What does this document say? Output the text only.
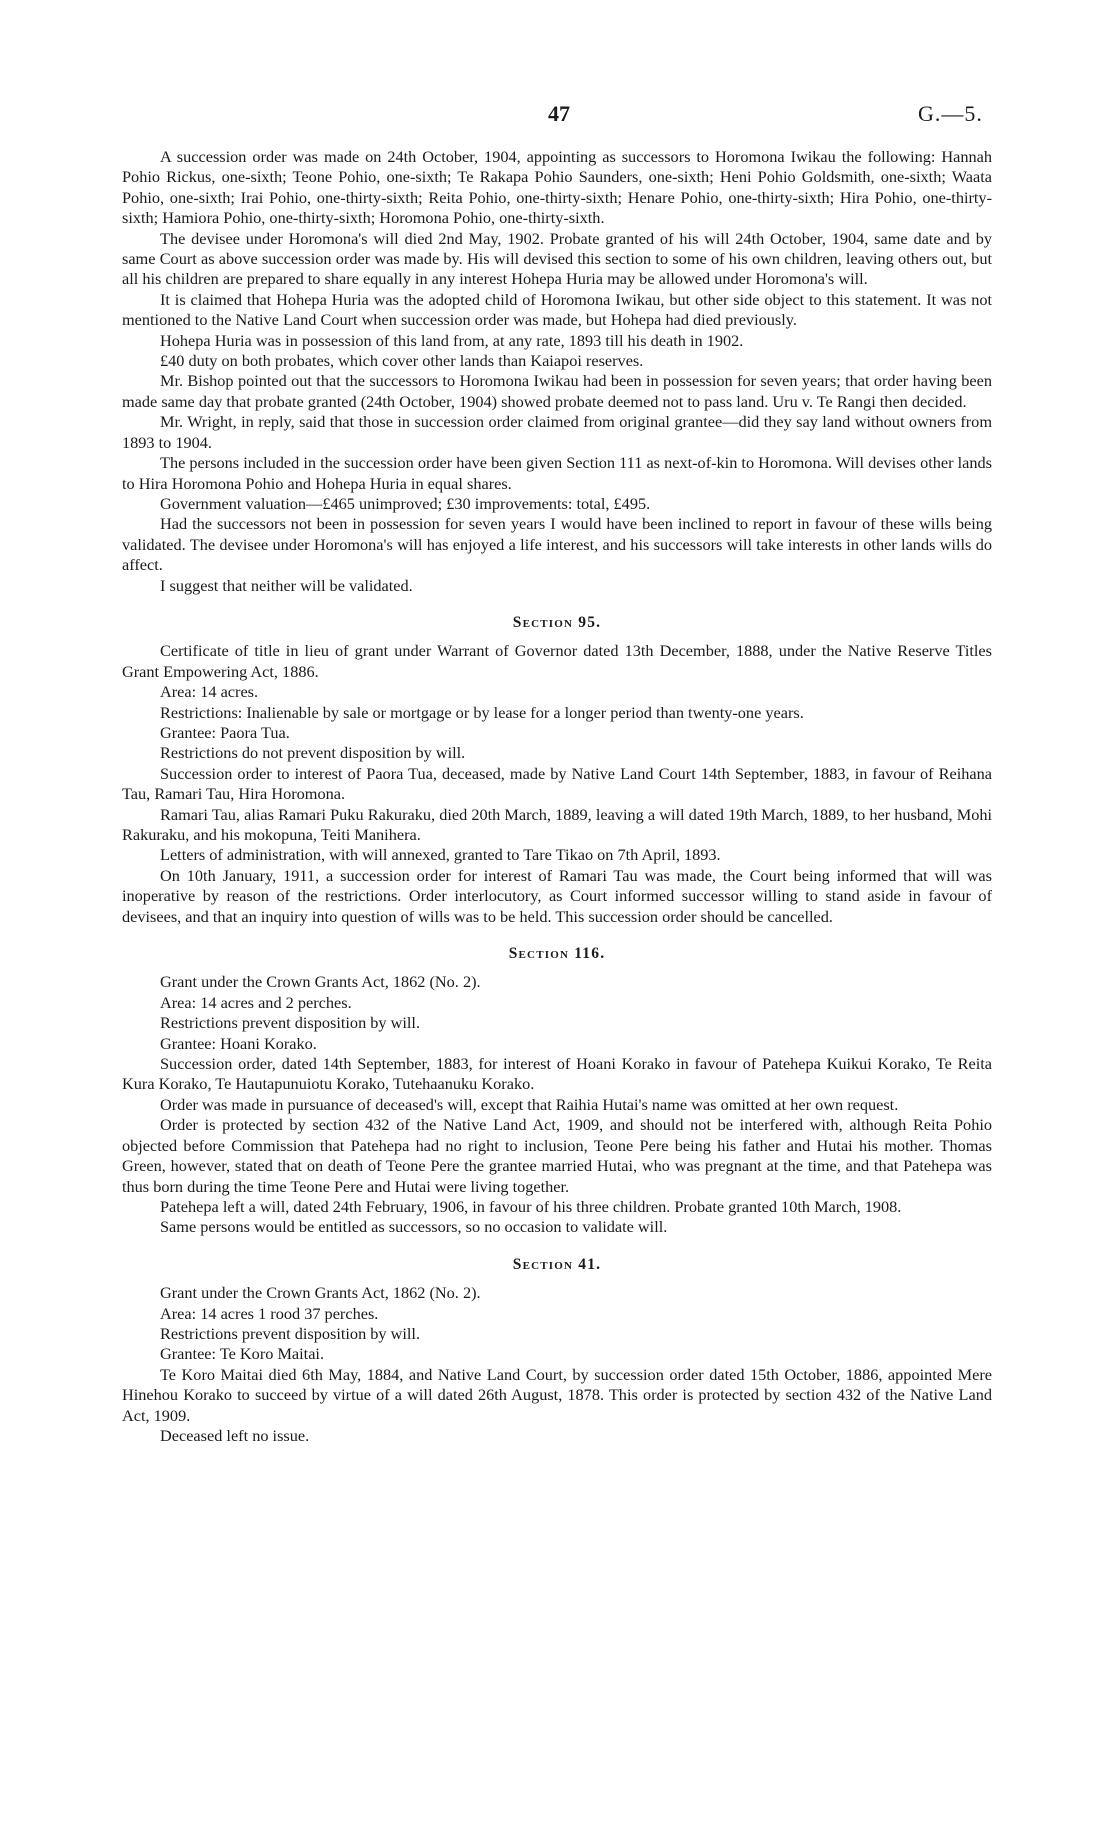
47	G.—5.

A succession order was made on 24th October, 1904, appointing as successors to Horomona Iwikau the following: Hannah Pohio Rickus, one-sixth; Teone Pohio, one-sixth; Te Rakapa Pohio Saunders, one-sixth; Heni Pohio Goldsmith, one-sixth; Waata Pohio, one-sixth; Irai Pohio, one-thirty-sixth; Reita Pohio, one-thirty-sixth; Henare Pohio, one-thirty-sixth; Hira Pohio, one-thirty-sixth; Hamiora Pohio, one-thirty-sixth; Horomona Pohio, one-thirty-sixth.

The devisee under Horomona's will died 2nd May, 1902. Probate granted of his will 24th October, 1904, same date and by same Court as above succession order was made by. His will devised this section to some of his own children, leaving others out, but all his children are prepared to share equally in any interest Hohepa Huria may be allowed under Horomona's will.

It is claimed that Hohepa Huria was the adopted child of Horomona Iwikau, but other side object to this statement. It was not mentioned to the Native Land Court when succession order was made, but Hohepa had died previously.

Hohepa Huria was in possession of this land from, at any rate, 1893 till his death in 1902.

£40 duty on both probates, which cover other lands than Kaiapoi reserves.

Mr. Bishop pointed out that the successors to Horomona Iwikau had been in possession for seven years; that order having been made same day that probate granted (24th October, 1904) showed probate deemed not to pass land. Uru v. Te Rangi then decided.

Mr. Wright, in reply, said that those in succession order claimed from original grantee—did they say land without owners from 1893 to 1904.

The persons included in the succession order have been given Section 111 as next-of-kin to Horomona. Will devises other lands to Hira Horomona Pohio and Hohepa Huria in equal shares.

Government valuation—£465 unimproved; £30 improvements: total, £495.

Had the successors not been in possession for seven years I would have been inclined to report in favour of these wills being validated. The devisee under Horomona's will has enjoyed a life interest, and his successors will take interests in other lands wills do affect.

I suggest that neither will be validated.

Section 95.

Certificate of title in lieu of grant under Warrant of Governor dated 13th December, 1888, under the Native Reserve Titles Grant Empowering Act, 1886.

Area: 14 acres.

Restrictions: Inalienable by sale or mortgage or by lease for a longer period than twenty-one years.

Grantee: Paora Tua.

Restrictions do not prevent disposition by will.

Succession order to interest of Paora Tua, deceased, made by Native Land Court 14th September, 1883, in favour of Reihana Tau, Ramari Tau, Hira Horomona.

Ramari Tau, alias Ramari Puku Rakuraku, died 20th March, 1889, leaving a will dated 19th March, 1889, to her husband, Mohi Rakuraku, and his mokopuna, Teiti Manihera.

Letters of administration, with will annexed, granted to Tare Tikao on 7th April, 1893.

On 10th January, 1911, a succession order for interest of Ramari Tau was made, the Court being informed that will was inoperative by reason of the restrictions. Order interlocutory, as Court informed successor willing to stand aside in favour of devisees, and that an inquiry into question of wills was to be held. This succession order should be cancelled.

Section 116.

Grant under the Crown Grants Act, 1862 (No. 2).

Area: 14 acres and 2 perches.

Restrictions prevent disposition by will.

Grantee: Hoani Korako.

Succession order, dated 14th September, 1883, for interest of Hoani Korako in favour of Patehepa Kuikui Korako, Te Reita Kura Korako, Te Hautapunuiotu Korako, Tutehaanuku Korako.

Order was made in pursuance of deceased's will, except that Raihia Hutai's name was omitted at her own request.

Order is protected by section 432 of the Native Land Act, 1909, and should not be interfered with, although Reita Pohio objected before Commission that Patehepa had no right to inclusion, Teone Pere being his father and Hutai his mother. Thomas Green, however, stated that on death of Teone Pere the grantee married Hutai, who was pregnant at the time, and that Patehepa was thus born during the time Teone Pere and Hutai were living together.

Patehepa left a will, dated 24th February, 1906, in favour of his three children. Probate granted 10th March, 1908.

Same persons would be entitled as successors, so no occasion to validate will.

Section 41.

Grant under the Crown Grants Act, 1862 (No. 2).

Area: 14 acres 1 rood 37 perches.

Restrictions prevent disposition by will.

Grantee: Te Koro Maitai.

Te Koro Maitai died 6th May, 1884, and Native Land Court, by succession order dated 15th October, 1886, appointed Mere Hinehou Korako to succeed by virtue of a will dated 26th August, 1878. This order is protected by section 432 of the Native Land Act, 1909.

Deceased left no issue.
